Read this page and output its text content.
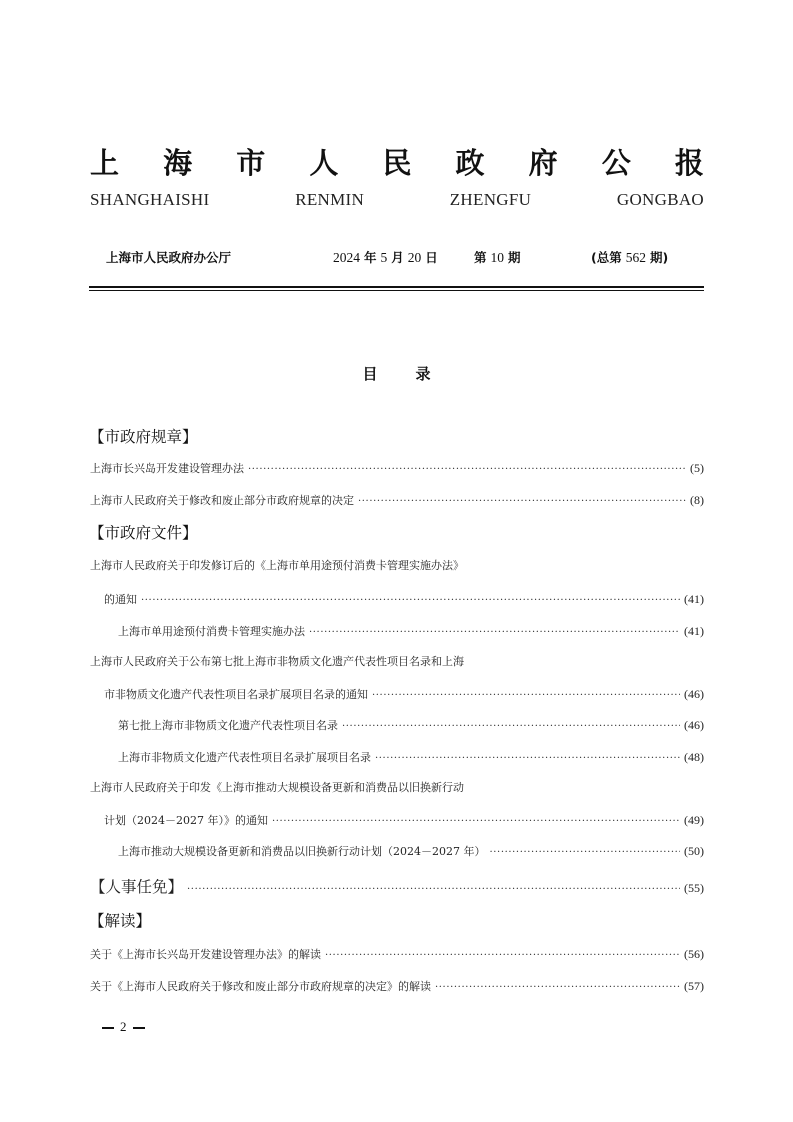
上 海 市 人 民 政 府 公 报
SHANGHAISHI	RENMIN	ZHENGFU	GONGBAO
上海市人民政府办公厅	2024 年 5 月 20 日	第 10 期	(总第 562 期)
目录
【市政府规章】
上海市长兴岛开发建设管理办法 ·····	(5)
上海市人民政府关于修改和废止部分市政府规章的决定 ·····	(8)
【市政府文件】
上海市人民政府关于印发修订后的《上海市单用途预付消费卡管理实施办法》
的通知 ·····	(41)
上海市单用途预付消费卡管理实施办法 ·····	(41)
上海市人民政府关于公布第七批上海市非物质文化遗产代表性项目名录和上海
市非物质文化遗产代表性项目名录扩展项目名录的通知 ·····	(46)
第七批上海市非物质文化遗产代表性项目名录 ·····	(46)
上海市非物质文化遗产代表性项目名录扩展项目名录 ·····	(48)
上海市人民政府关于印发《上海市推动大规模设备更新和消费品以旧换新行动
计划（2024－2027 年）》的通知 ·····	(49)
上海市推动大规模设备更新和消费品以旧换新行动计划（2024－2027 年） ·····	(50)
【人事任免】 ·····	(55)
【解读】
关于《上海市长兴岛开发建设管理办法》的解读 ·····	(56)
关于《上海市人民政府关于修改和废止部分市政府规章的决定》的解读 ·····	(57)
2
